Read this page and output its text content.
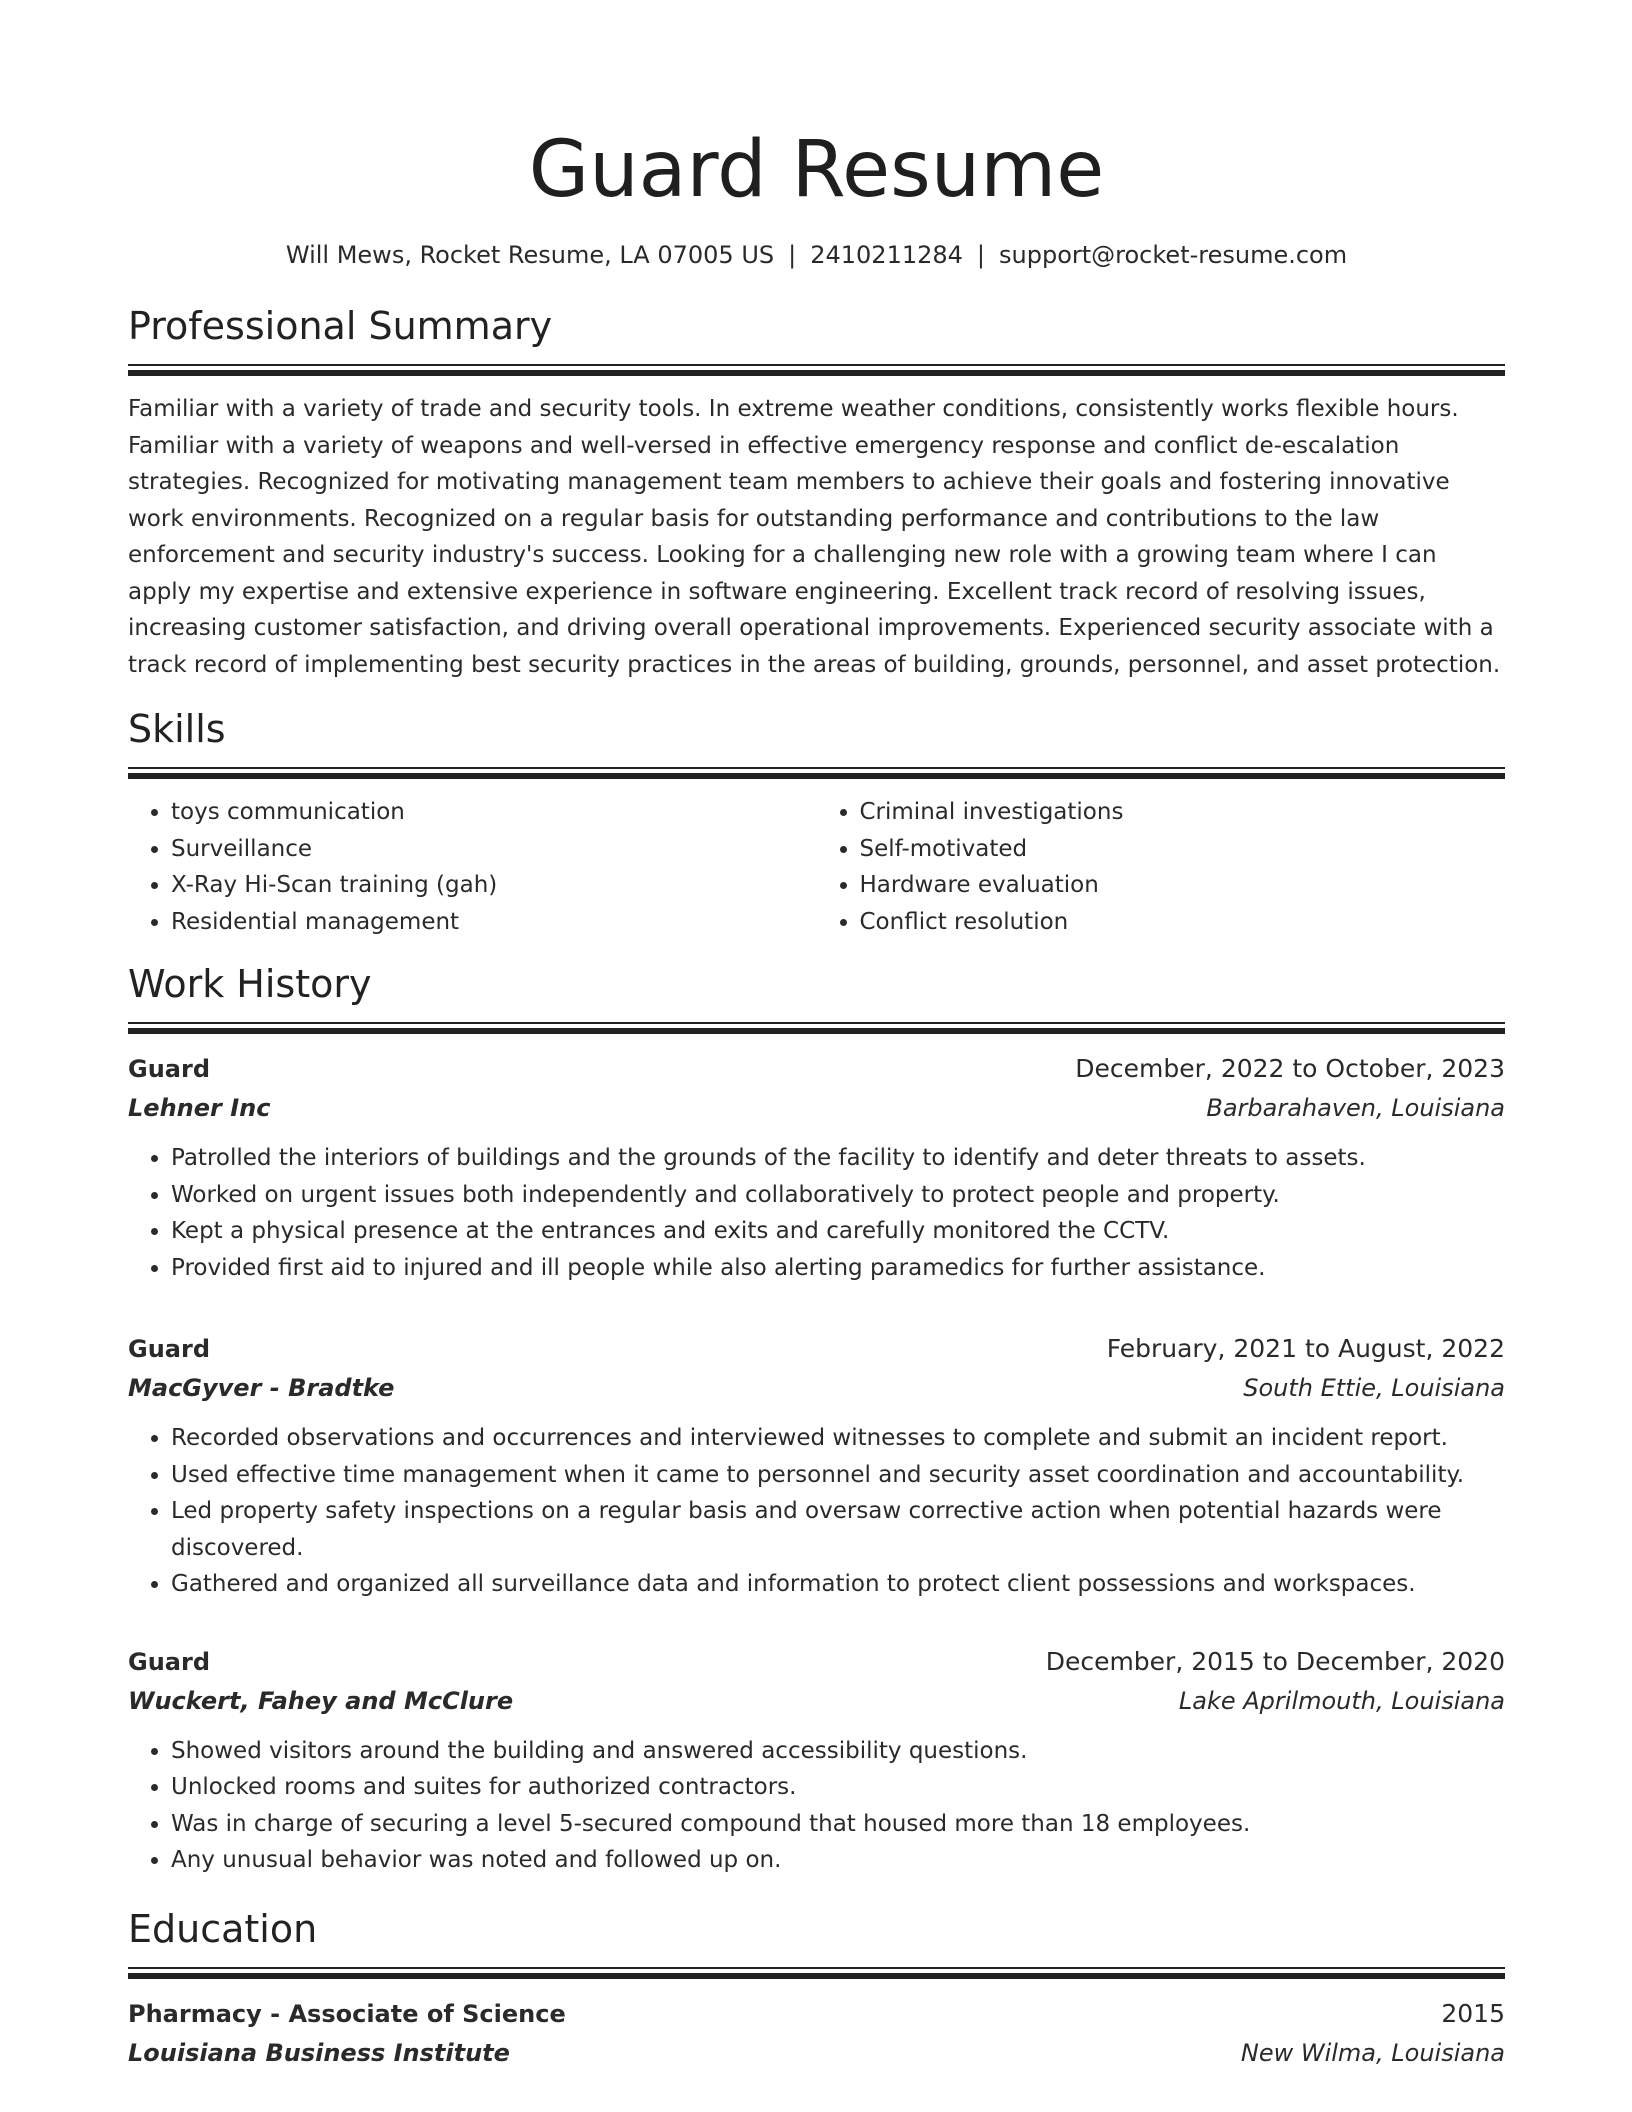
Guard Resume
Will Mews, Rocket Resume, LA 07005 US | 2410211284 | support@rocket-resume.com
Professional Summary
Familiar with a variety of trade and security tools. In extreme weather conditions, consistently works flexible hours. Familiar with a variety of weapons and well-versed in effective emergency response and conflict de-escalation strategies. Recognized for motivating management team members to achieve their goals and fostering innovative work environments. Recognized on a regular basis for outstanding performance and contributions to the law enforcement and security industry's success. Looking for a challenging new role with a growing team where I can apply my expertise and extensive experience in software engineering. Excellent track record of resolving issues, increasing customer satisfaction, and driving overall operational improvements. Experienced security associate with a track record of implementing best security practices in the areas of building, grounds, personnel, and asset protection.
Skills
• toys communication
• Surveillance
• X-Ray Hi-Scan training (gah)
• Residential management
• Criminal investigations
• Self-motivated
• Hardware evaluation
• Conflict resolution
Work History
Guard	December, 2022 to October, 2023
Lehner Inc	Barbarahaven, Louisiana
• Patrolled the interiors of buildings and the grounds of the facility to identify and deter threats to assets.
• Worked on urgent issues both independently and collaboratively to protect people and property.
• Kept a physical presence at the entrances and exits and carefully monitored the CCTV.
• Provided first aid to injured and ill people while also alerting paramedics for further assistance.
Guard	February, 2021 to August, 2022
MacGyver - Bradtke	South Ettie, Louisiana
• Recorded observations and occurrences and interviewed witnesses to complete and submit an incident report.
• Used effective time management when it came to personnel and security asset coordination and accountability.
• Led property safety inspections on a regular basis and oversaw corrective action when potential hazards were discovered.
• Gathered and organized all surveillance data and information to protect client possessions and workspaces.
Guard	December, 2015 to December, 2020
Wuckert, Fahey and McClure	Lake Aprilmouth, Louisiana
• Showed visitors around the building and answered accessibility questions.
• Unlocked rooms and suites for authorized contractors.
• Was in charge of securing a level 5-secured compound that housed more than 18 employees.
• Any unusual behavior was noted and followed up on.
Education
Pharmacy - Associate of Science	2015
Louisiana Business Institute	New Wilma, Louisiana
